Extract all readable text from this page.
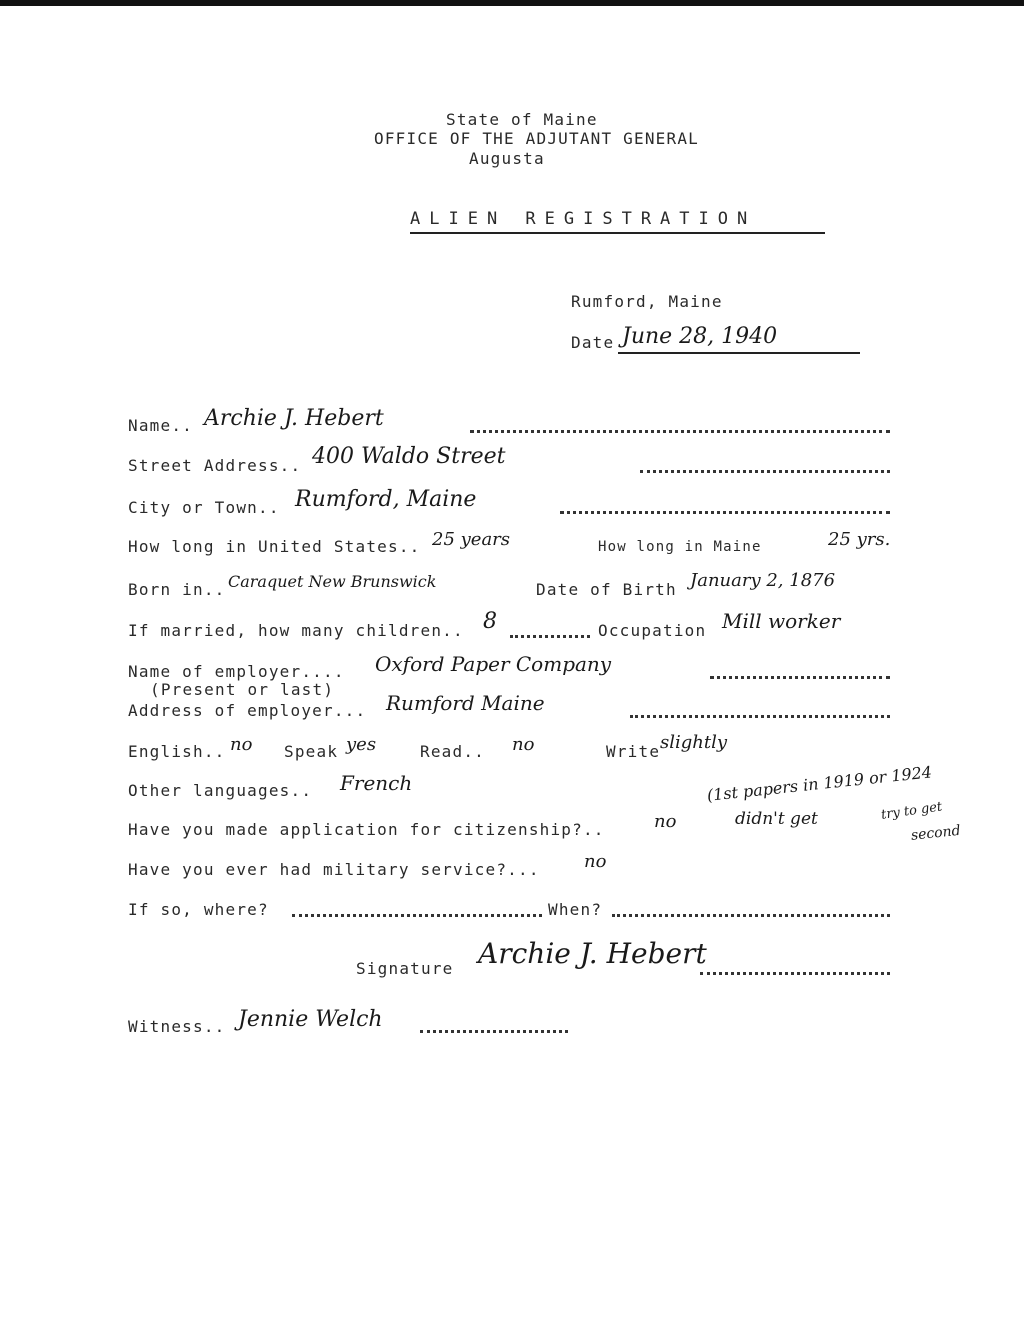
State of Maine
OFFICE OF THE ADJUTANT GENERAL
Augusta
ALIEN REGISTRATION
Rumford, Maine
Date June 28, 1940
Name.. Archie J. Hebert
Street Address.. 400 Waldo Street
City or Town.. Rumford, Maine
How long in United States.. 25 years	How long in Maine	25 yrs.
Born in.. Caraquet New Brunswick	Date of Birth January 2, 1876
If married, how many children.. 8	Occupation Mill worker
Name of employer.... Oxford Paper Company
(Present or last)
Address of employer... Rumford Maine
English.. no Speak yes	Read.. no	Write slightly
Other languages.. French
Have you made application for citizenship?..	no
(1st papers in 1919 or 1924
didn't get	try to get
second
Have you ever had military service?... no
If so, where?	When?
Signature Archie J. Hebert
Witness.. Jennie Welch
